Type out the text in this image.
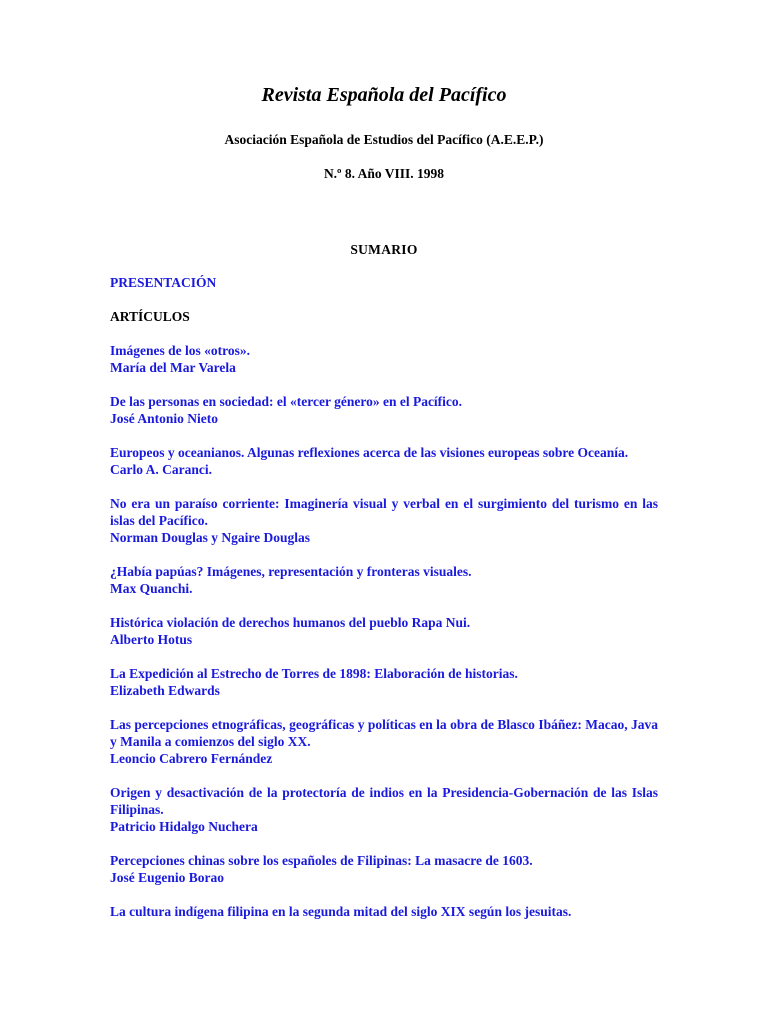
Revista Española del Pacífico
Asociación Española de Estudios del Pacífico (A.E.E.P.)
N.º 8. Año VIII. 1998
SUMARIO
PRESENTACIÓN
ARTÍCULOS
Imágenes de los «otros».
María del Mar Varela
De las personas en sociedad: el «tercer género» en el Pacífico.
José Antonio Nieto
Europeos y oceanianos. Algunas reflexiones acerca de las visiones europeas sobre Oceanía.
Carlo A. Caranci.
No era un paraíso corriente: Imaginería visual y verbal en el surgimiento del turismo en las islas del Pacífico.
Norman Douglas y Ngaire Douglas
¿Había papúas? Imágenes, representación y fronteras visuales.
Max Quanchi.
Histórica violación de derechos humanos del pueblo Rapa Nui.
Alberto Hotus
La Expedición al Estrecho de Torres de 1898: Elaboración de historias.
Elizabeth Edwards
Las percepciones etnográficas, geográficas y políticas en la obra de Blasco Ibáñez: Macao, Java y Manila a comienzos del siglo XX.
Leoncio Cabrero Fernández
Origen y desactivación de la protectoría de indios en la Presidencia-Gobernación de las Islas Filipinas.
Patricio Hidalgo Nuchera
Percepciones chinas sobre los españoles de Filipinas: La masacre de 1603.
José Eugenio Borao
La cultura indígena filipina en la segunda mitad del siglo XIX según los jesuitas.
